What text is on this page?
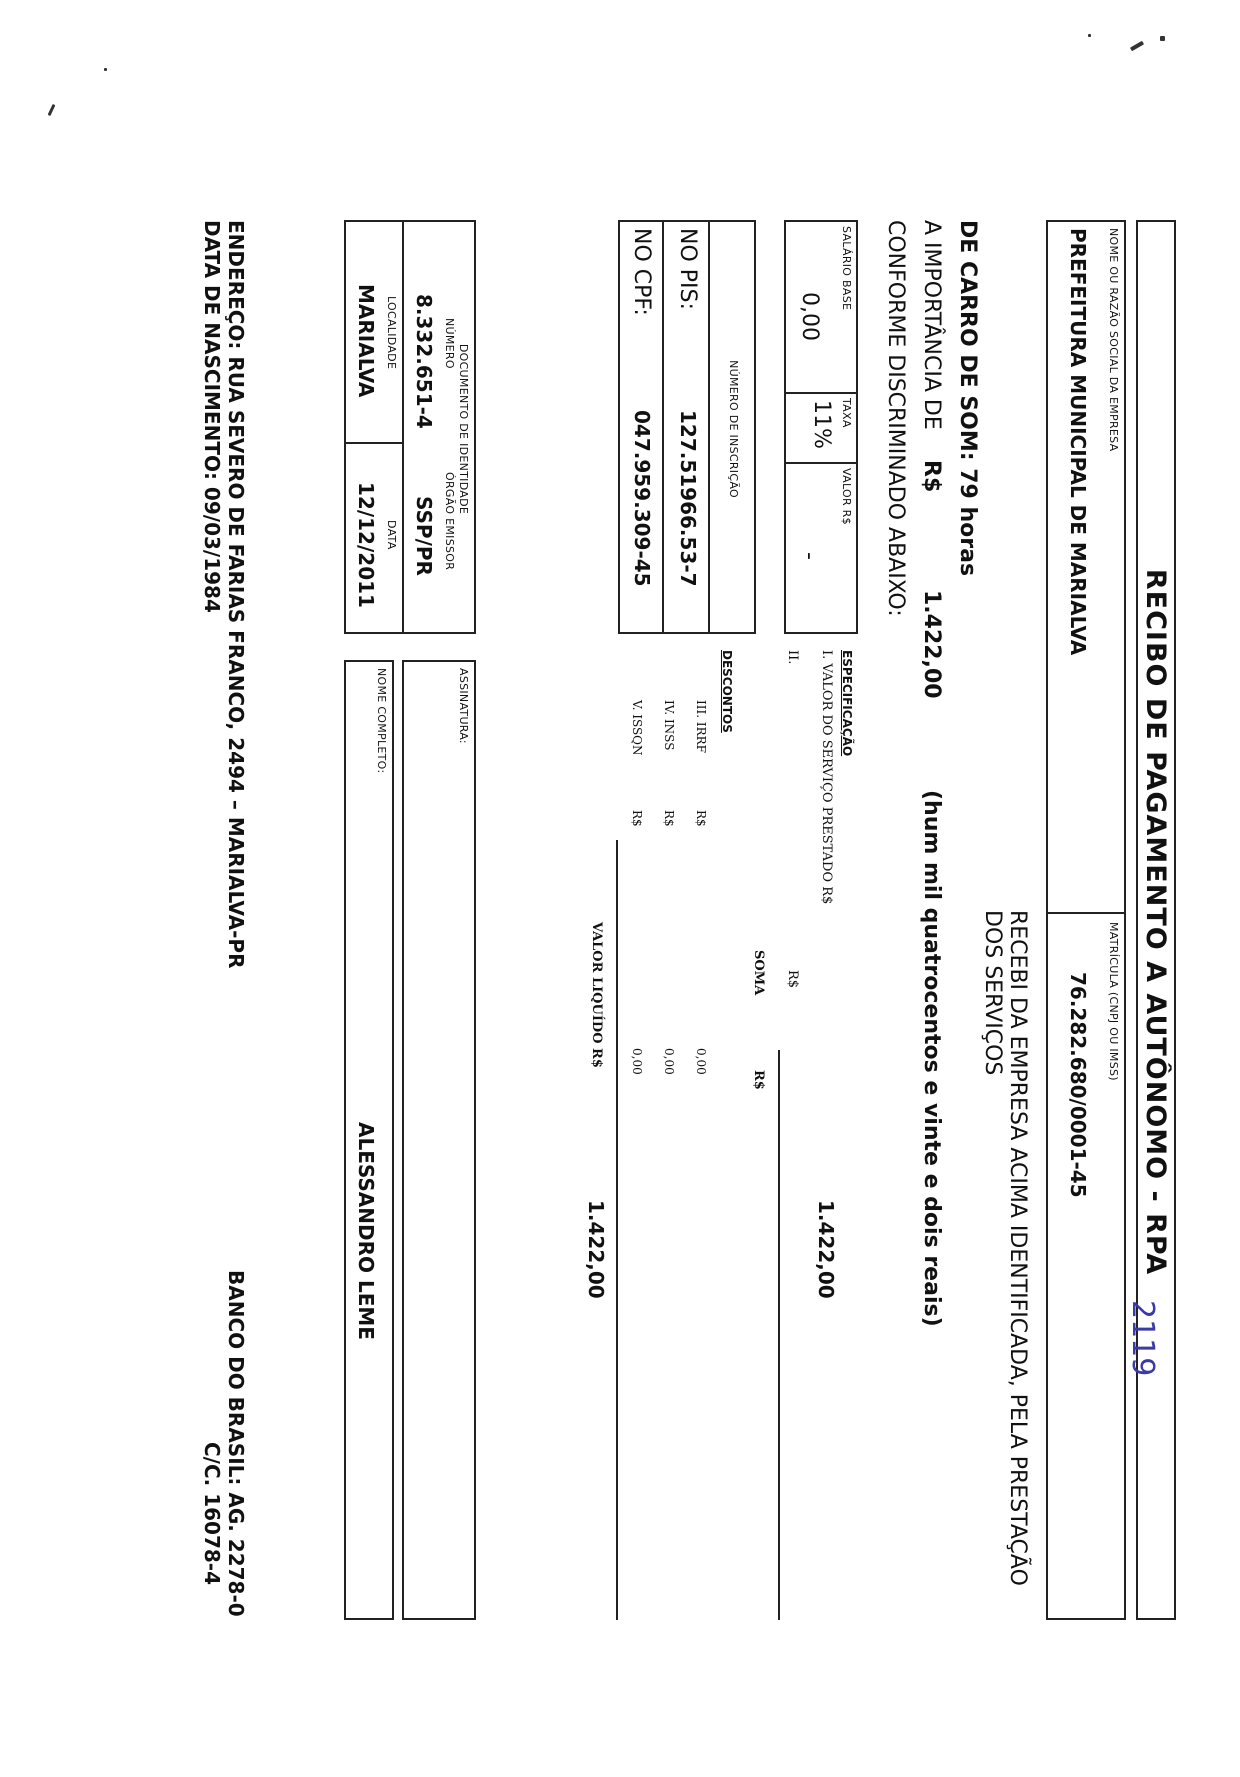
RECIBO DE PAGAMENTO A AUTÔNOMO - RPA
NOME OU RAZÃO SOCIAL DA EMPRESA
PREFEITURA MUNICIPAL DE MARIALVA
MATRÍCULA (CNPJ OU IMSS)
76.282.680/0001-45
RECEBI DA EMPRESA ACIMA IDENTIFICADA, PELA PRESTAÇÃO DOS SERVIÇOS
DE CARRO DE SOM: 79 horas
A IMPORTÂNCIA DE
R$
1.422,00
(hum mil quatrocentos e vinte e dois reais)
CONFORME DISCRIMINADO ABAIXO:
SALÁRIO BASE
0,00
TAXA
11%
VALOR R$
-
NÚMERO DE INSCRIÇÃO
NO PIS:
127.51966.53-7
NO CPF:
047.959.309-45
DOCUMENTO DE IDENTIDADE
NÚMERO
ÓRGÃO EMISSOR
8.332.651-4
SSP/PR
LOCALIDADE
MARIALVA
DATA
12/12/2011
ESPECIFICAÇÃO
I. VALOR DO SERVIÇO PRESTADO R$
1.422,00
II.
R$
SOMA
R$
DESCONTOS
III. IRRF
R$
0,00
IV. INSS
R$
0,00
V. ISSQN
R$
0,00
VALOR LIQUÍDO R$
1.422,00
ASSINATURA:
NOME COMPLETO:
ALESSANDRO LEME
ENDEREÇO: RUA SEVERO DE FARIAS FRANCO, 2494 – MARIALVA-PR
DATA DE NASCIMENTO: 09/03/1984
BANCO DO BRASIL: AG. 2278-0
C/C. 16078-4
2119
